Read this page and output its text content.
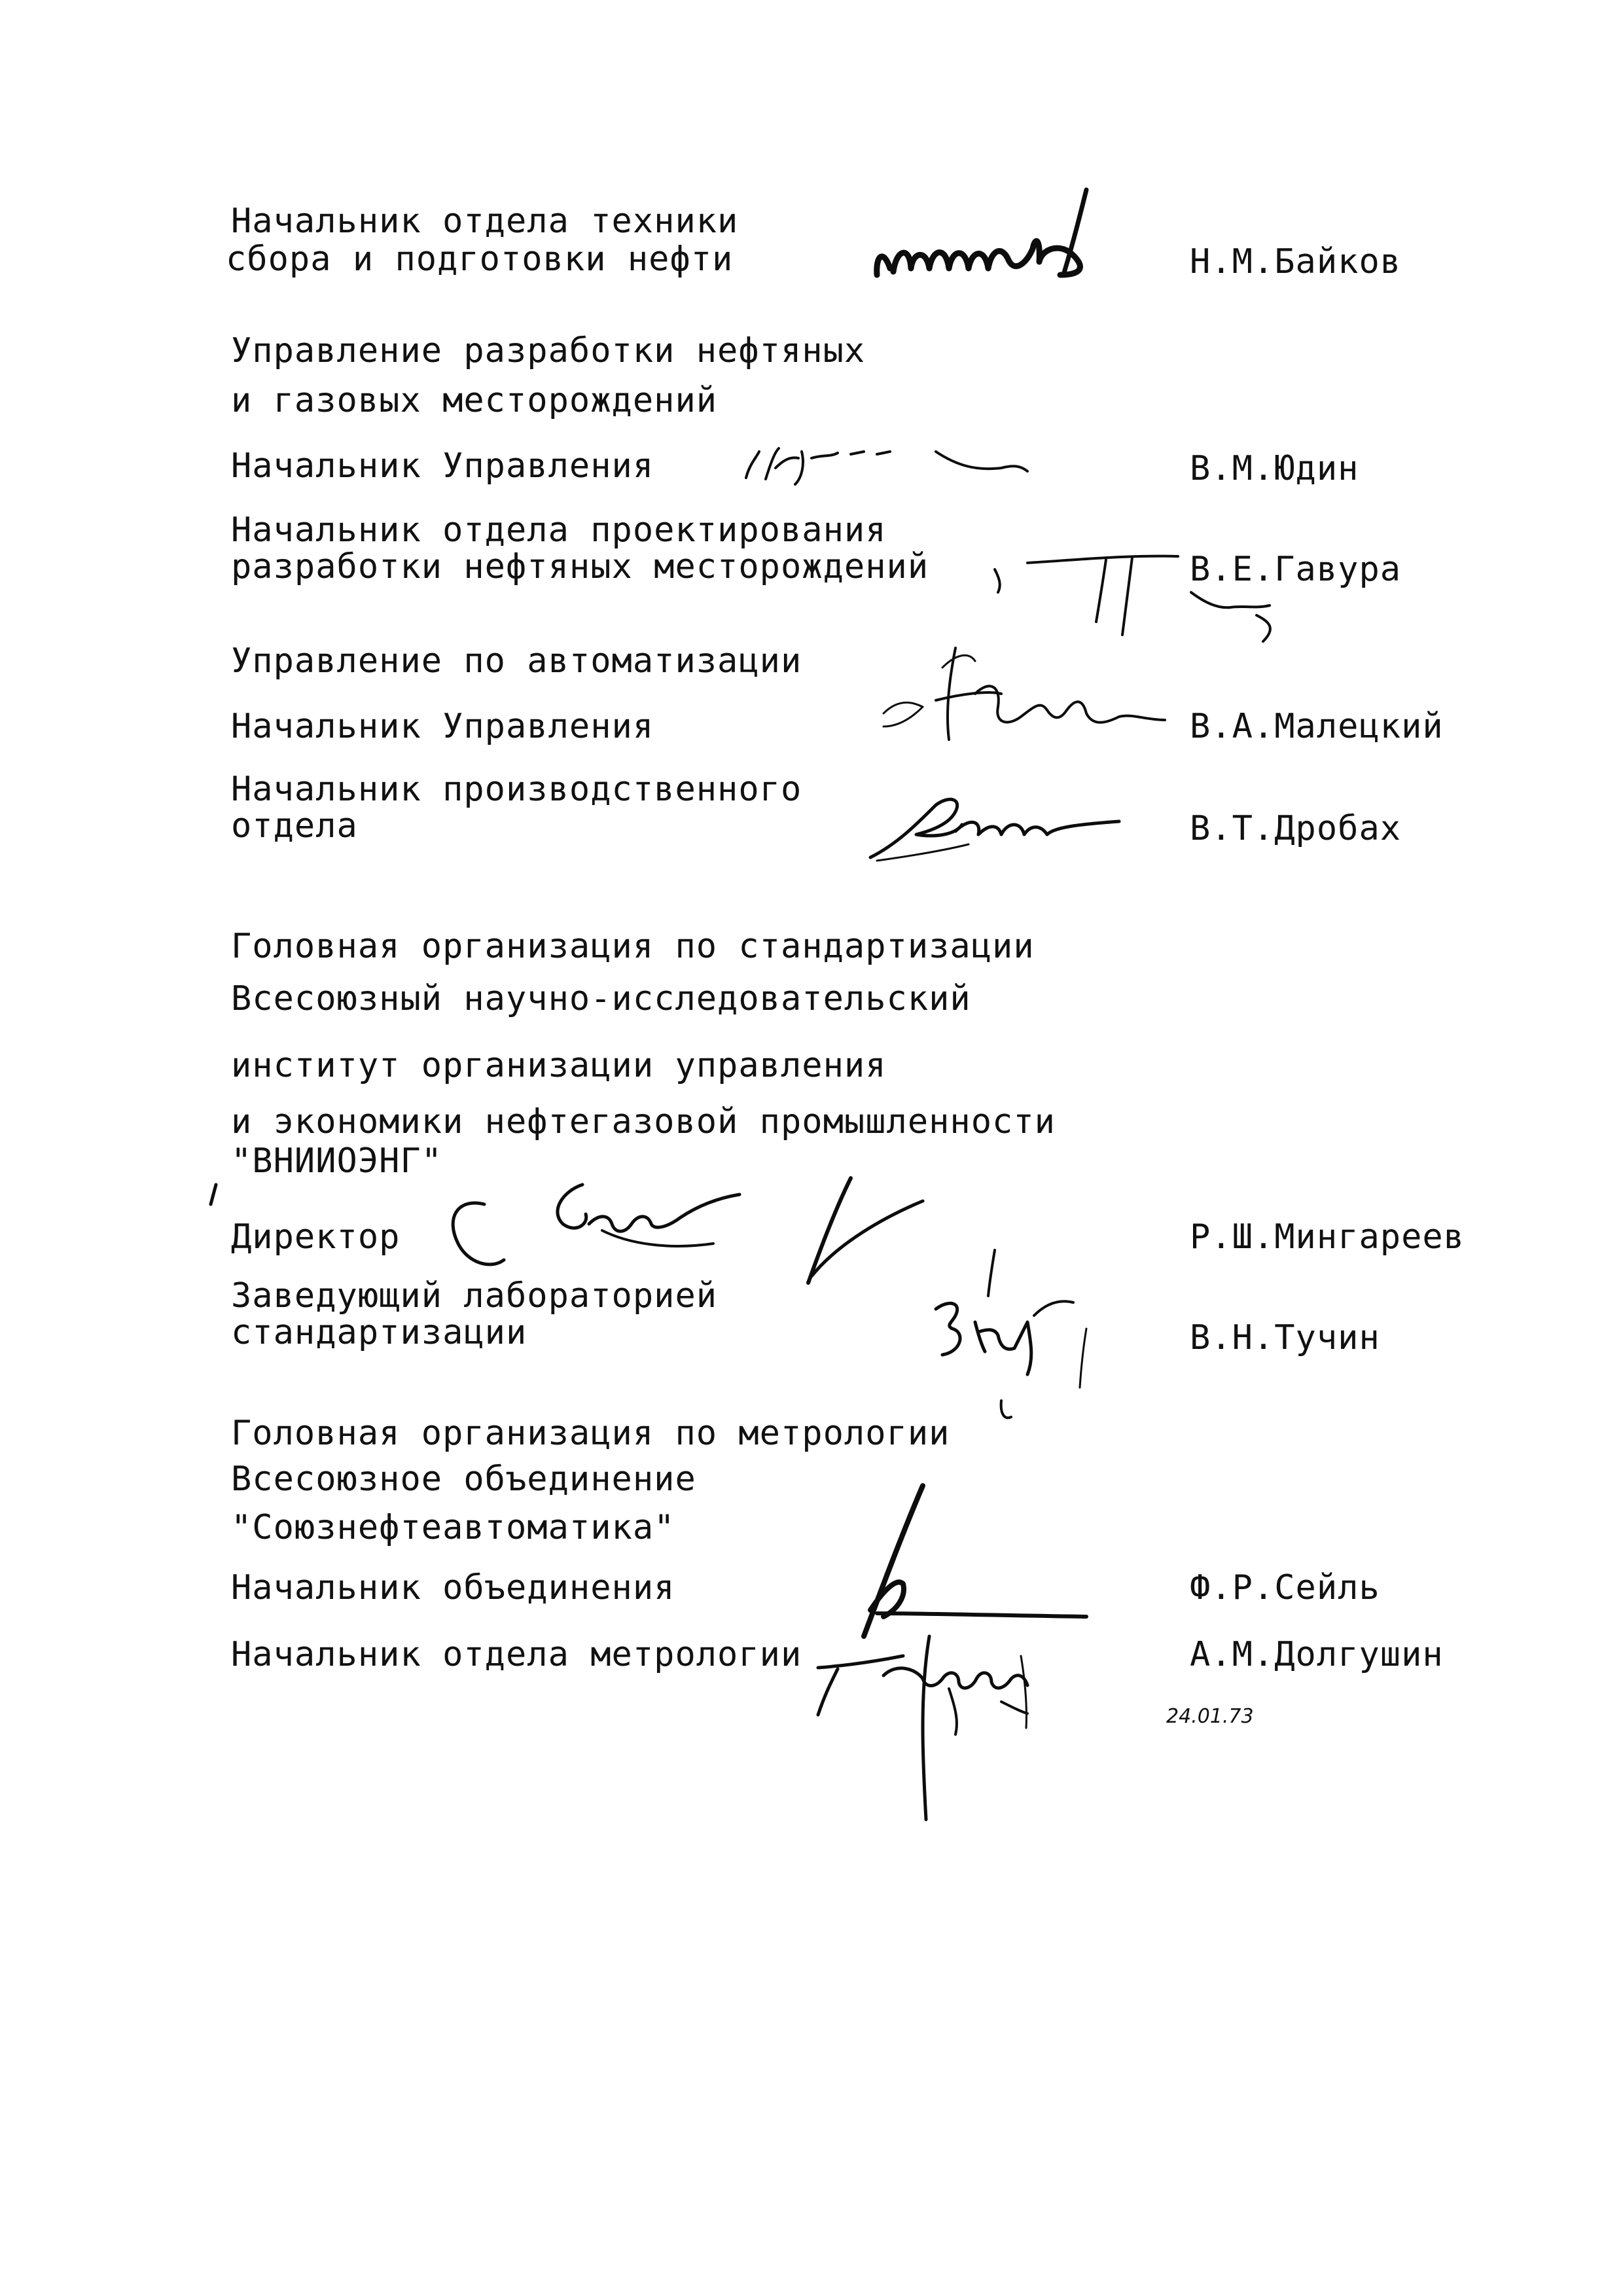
Начальник отдела техники
сбора и подготовки нефти	Н.М.Байков
Управление разработки нефтяных
и газовых месторождений
Начальник Управления	В.М.Юдин
Начальник отдела проектирования
разработки нефтяных месторождений	В.Е.Гавура
Управление по автоматизации
Начальник Управления	В.А.Малецкий
Начальник производственного
отдела	В.Т.Дробах
Головная организация по стандартизации
Всесоюзный научно-исследовательский
институт организации управления
и экономики нефтегазовой промышленности
"ВНИИОЭНГ"
Директор	Р.Ш.Мингареев
Заведующий лабораторией
стандартизации	В.Н.Тучин
Головная организация по метрологии
Всесоюзное объединение
"Союзнефтеавтоматика"
Начальник объединения	Ф.Р.Сейль
Начальник отдела метрологии	А.М.Долгушин
24.01.73
